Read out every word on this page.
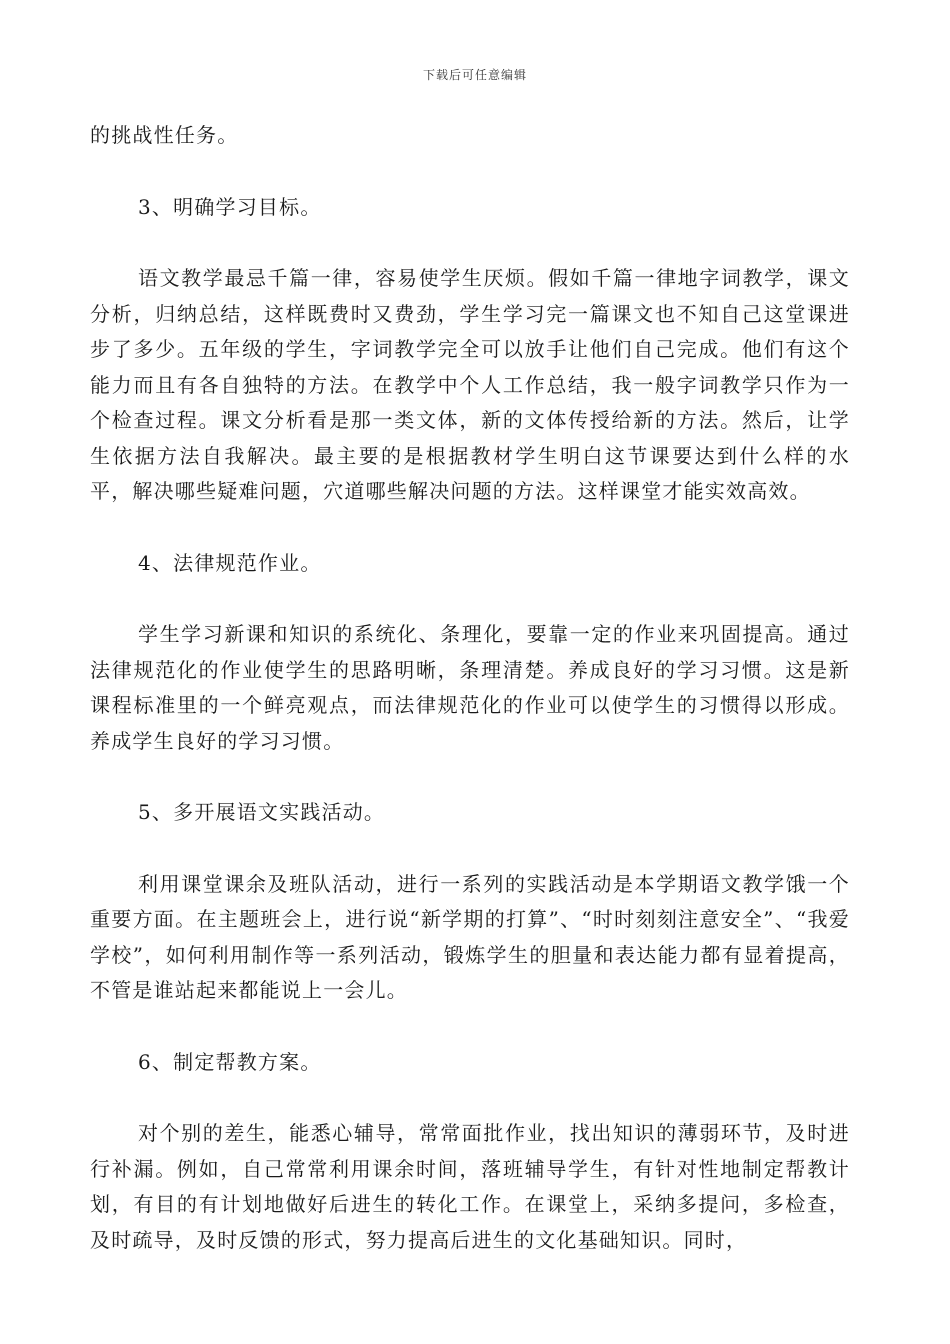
下载后可任意编辑

的挑战性任务。

3、明确学习目标。

语文教学最忌千篇一律，容易使学生厌烦。假如千篇一律地字词教学，课文分析，归纳总结，这样既费时又费劲，学生学习完一篇课文也不知自己这堂课进步了多少。五年级的学生，字词教学完全可以放手让他们自己完成。他们有这个能力而且有各自独特的方法。在教学中个人工作总结，我一般字词教学只作为一个检查过程。课文分析看是那一类文体，新的文体传授给新的方法。然后，让学生依据方法自我解决。最主要的是根据教材学生明白这节课要达到什么样的水平，解决哪些疑难问题，穴道哪些解决问题的方法。这样课堂才能实效高效。

4、法律规范作业。

学生学习新课和知识的系统化、条理化，要靠一定的作业来巩固提高。通过法律规范化的作业使学生的思路明晰，条理清楚。养成良好的学习习惯。这是新课程标准里的一个鲜亮观点，而法律规范化的作业可以使学生的习惯得以形成。养成学生良好的学习习惯。

5、多开展语文实践活动。

利用课堂课余及班队活动，进行一系列的实践活动是本学期语文教学饿一个重要方面。在主题班会上，进行说“新学期的打算”、“时时刻刻注意安全”、“我爱学校”，如何利用制作等一系列活动，锻炼学生的胆量和表达能力都有显着提高，不管是谁站起来都能说上一会儿。

6、制定帮教方案。

对个别的差生，能悉心辅导，常常面批作业，找出知识的薄弱环节，及时进行补漏。例如，自己常常利用课余时间，落班辅导学生，有针对性地制定帮教计划，有目的有计划地做好后进生的转化工作。在课堂上，采纳多提问，多检查，及时疏导，及时反馈的形式，努力提高后进生的文化基础知识。同时，
